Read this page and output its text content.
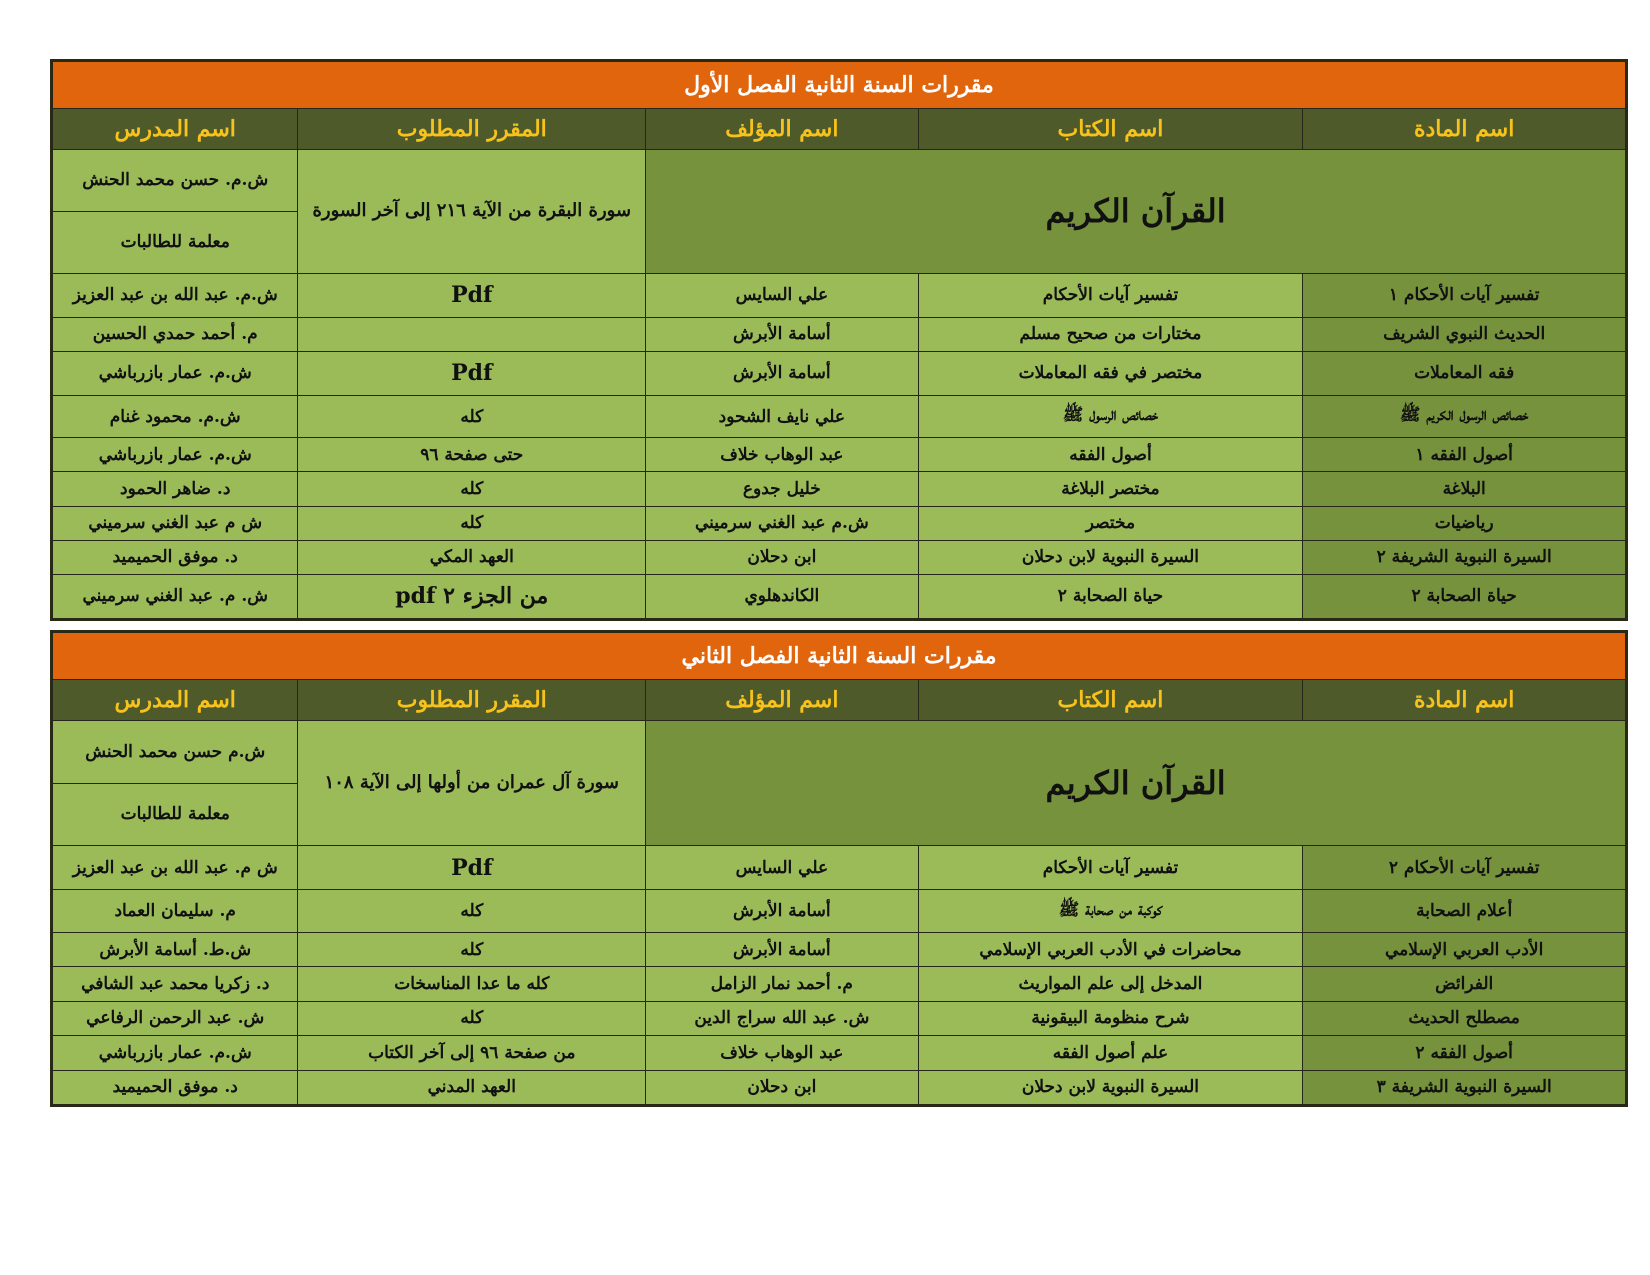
مقررات السنة الثانية الفصل الأول				
اسم المدرس	المقرر المطلوب	اسم المؤلف	اسم الكتاب	اسم المادة
ش.م. حسن محمد الحنش	سورة البقرة من الآية ٢١٦ إلى آخر السورة	القرآن الكريم		
معلمة للطالبات				
ش.م. عبد الله بن عبد العزيز	Pdf	علي السايس	تفسير آيات الأحكام	تفسير آيات الأحكام ١
م. أحمد حمدي الحسين		أسامة الأبرش	مختارات من صحيح مسلم	الحديث النبوي الشريف
ش.م. عمار بازرباشي	Pdf	أسامة الأبرش	مختصر في فقه المعاملات	فقه المعاملات
ش.م. محمود غنام	كله	علي نايف الشحود	خصائص الرسول ﷺ	خصائص الرسول الكريم ﷺ
ش.م. عمار بازرباشي	حتى صفحة ٩٦	عبد الوهاب خلاف	أصول الفقه	أصول الفقه ١
د. ضاهر الحمود	كله	خليل جدوع	مختصر البلاغة	البلاغة
ش م عبد الغني سرميني	كله	ش.م عبد الغني سرميني	مختصر	رياضيات
د. موفق الحميميد	العهد المكي	ابن دحلان	السيرة النبوية لابن دحلان	السيرة النبوية الشريفة ٢
ش. م. عبد الغني سرميني	pdf من الجزء ٢	الكاندهلوي	حياة الصحابة ٢	حياة الصحابة ٢
مقررات السنة الثانية الفصل الثاني				
اسم المدرس	المقرر المطلوب	اسم المؤلف	اسم الكتاب	اسم المادة
ش.م حسن محمد الحنش	سورة آل عمران من أولها إلى الآية ١٠٨	القرآن الكريم		
معلمة للطالبات				
ش م. عبد الله بن عبد العزيز	Pdf	علي السايس	تفسير آيات الأحكام	تفسير آيات الأحكام ٢
م. سليمان العماد	كله	أسامة الأبرش	كوكبة من صحابة ﷺ	أعلام الصحابة
ش.ط. أسامة الأبرش	كله	أسامة الأبرش	محاضرات في الأدب العربي الإسلامي	الأدب العربي الإسلامي
د. زكريا محمد عبد الشافي	كله ما عدا المناسخات	م. أحمد نمار الزامل	المدخل إلى علم المواريث	الفرائض
ش. عبد الرحمن الرفاعي	كله	ش. عبد الله سراج الدين	شرح منظومة البيقونية	مصطلح الحديث
ش.م. عمار بازرباشي	من صفحة ٩٦ إلى آخر الكتاب	عبد الوهاب خلاف	علم أصول الفقه	أصول الفقه ٢
د. موفق الحميميد	العهد المدني	ابن دحلان	السيرة النبوية لابن دحلان	السيرة النبوية الشريفة ٣
